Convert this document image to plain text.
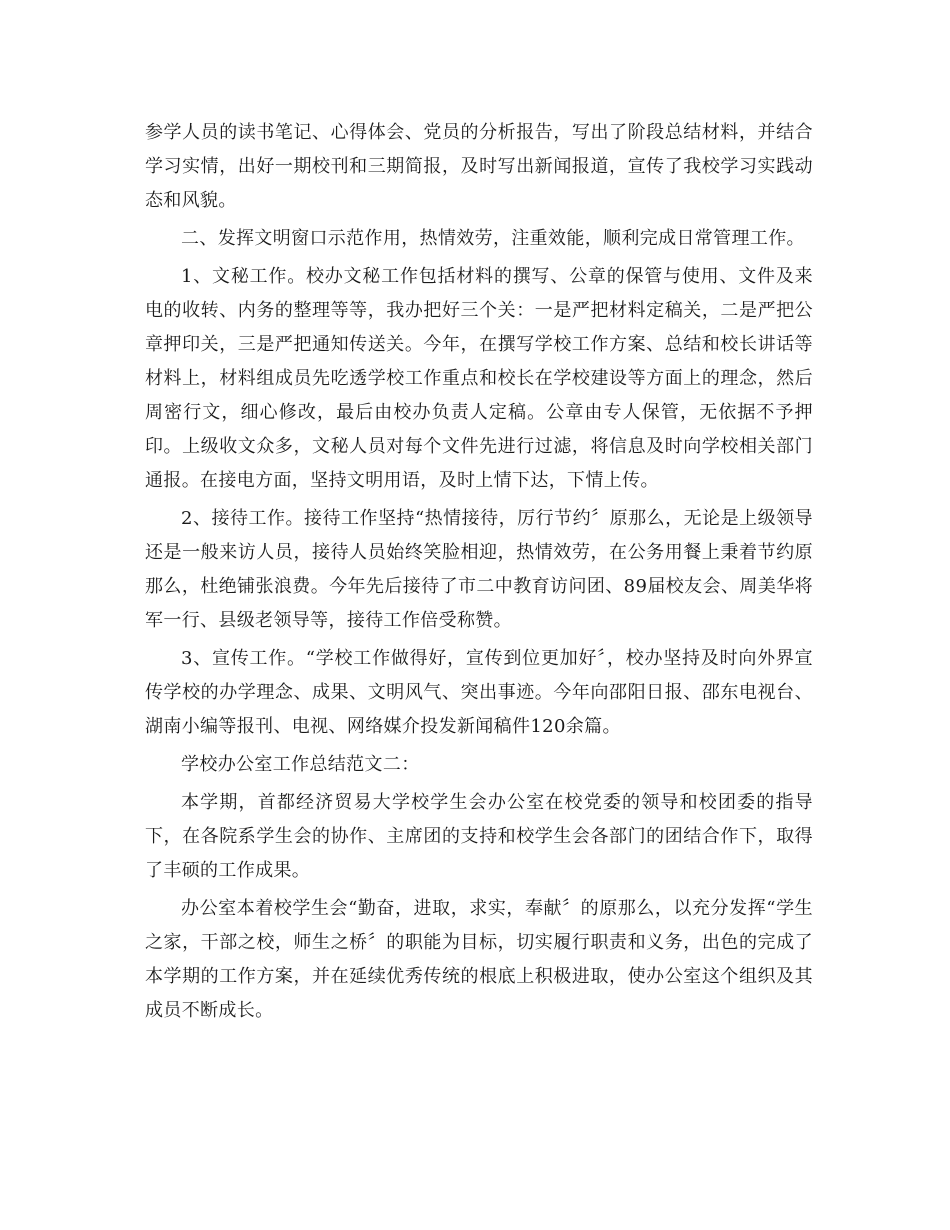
参学人员的读书笔记、心得体会、党员的分析报告，写出了阶段总结材料，并结合学习实情，出好一期校刊和三期简报，及时写出新闻报道，宣传了我校学习实践动态和风貌。

二、发挥文明窗口示范作用，热情效劳，注重效能，顺利完成日常管理工作。

1、文秘工作。校办文秘工作包括材料的撰写、公章的保管与使用、文件及来电的收转、内务的整理等等，我办把好三个关：一是严把材料定稿关，二是严把公章押印关，三是严把通知传送关。今年，在撰写学校工作方案、总结和校长讲话等材料上，材料组成员先吃透学校工作重点和校长在学校建设等方面上的理念，然后周密行文，细心修改，最后由校办负责人定稿。公章由专人保管，无依据不予押印。上级收文众多，文秘人员对每个文件先进行过滤，将信息及时向学校相关部门通报。在接电方面，坚持文明用语，及时上情下达，下情上传。

2、接待工作。接待工作坚持“热情接待，厉行节约〞原那么，无论是上级领导还是一般来访人员，接待人员始终笑脸相迎，热情效劳，在公务用餐上秉着节约原那么，杜绝铺张浪费。今年先后接待了市二中教育访问团、89届校友会、周美华将军一行、县级老领导等，接待工作倍受称赞。

3、宣传工作。“学校工作做得好，宣传到位更加好〞，校办坚持及时向外界宣传学校的办学理念、成果、文明风气、突出事迹。今年向邵阳日报、邵东电视台、湖南小编等报刊、电视、网络媒介投发新闻稿件120余篇。

学校办公室工作总结范文二：

本学期，首都经济贸易大学校学生会办公室在校党委的领导和校团委的指导下，在各院系学生会的协作、主席团的支持和校学生会各部门的团结合作下，取得了丰硕的工作成果。

办公室本着校学生会“勤奋，进取，求实，奉献〞的原那么，以充分发挥“学生之家，干部之校，师生之桥〞的职能为目标，切实履行职责和义务，出色的完成了本学期的工作方案，并在延续优秀传统的根底上积极进取，使办公室这个组织及其成员不断成长。
